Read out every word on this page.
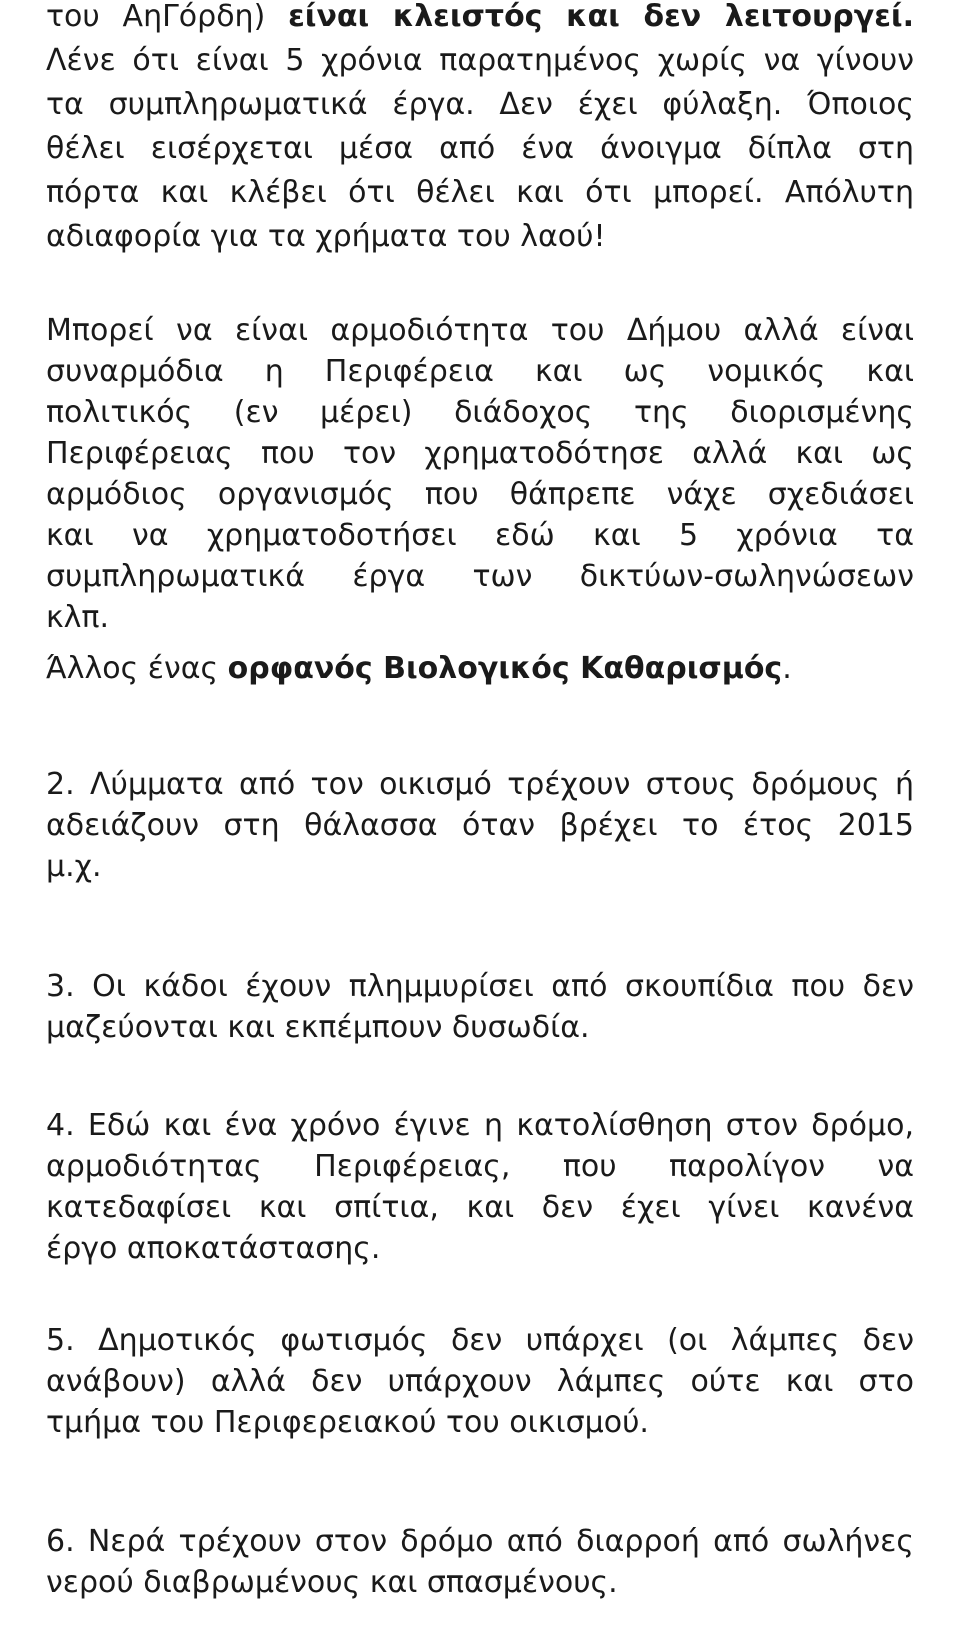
του ΑηΓόρδη) είναι κλειστός και δεν λειτουργεί.
Λένε ότι είναι 5 χρόνια παρατημένος χωρίς να γίνουν
τα συμπληρωματικά έργα. Δεν έχει φύλαξη. Όποιος
θέλει εισέρχεται μέσα από ένα άνοιγμα δίπλα στη
πόρτα και κλέβει ότι θέλει και ότι μπορεί. Απόλυτη
αδιαφορία για τα χρήματα του λαού!
Μπορεί να είναι αρμοδιότητα του Δήμου αλλά είναι
συναρμόδια η Περιφέρεια και ως νομικός και
πολιτικός (εν μέρει) διάδοχος της διορισμένης
Περιφέρειας που τον χρηματοδότησε αλλά και ως
αρμόδιος οργανισμός που θάπρεπε νάχε σχεδιάσει
και να χρηματοδοτήσει εδώ και 5 χρόνια τα
συμπληρωματικά έργα των δικτύων-σωληνώσεων
κλπ.
Άλλος ένας ορφανός Βιολογικός Καθαρισμός.
2. Λύμματα από τον οικισμό τρέχουν στους δρόμους ή
αδειάζουν στη θάλασσα όταν βρέχει το έτος 2015
μ.χ.
3. Οι κάδοι έχουν πλημμυρίσει από σκουπίδια που δεν
μαζεύονται και εκπέμπουν δυσωδία.
4. Εδώ και ένα χρόνο έγινε η κατολίσθηση στον δρόμο,
αρμοδιότητας Περιφέρειας, που παρολίγον να
κατεδαφίσει και σπίτια, και δεν έχει γίνει κανένα
έργο αποκατάστασης.
5. Δημοτικός φωτισμός δεν υπάρχει (οι λάμπες δεν
ανάβουν) αλλά δεν υπάρχουν λάμπες ούτε και στο
τμήμα του Περιφερειακού του οικισμού.
6. Νερά τρέχουν στον δρόμο από διαρροή από σωλήνες
νερού διαβρωμένους και σπασμένους.
